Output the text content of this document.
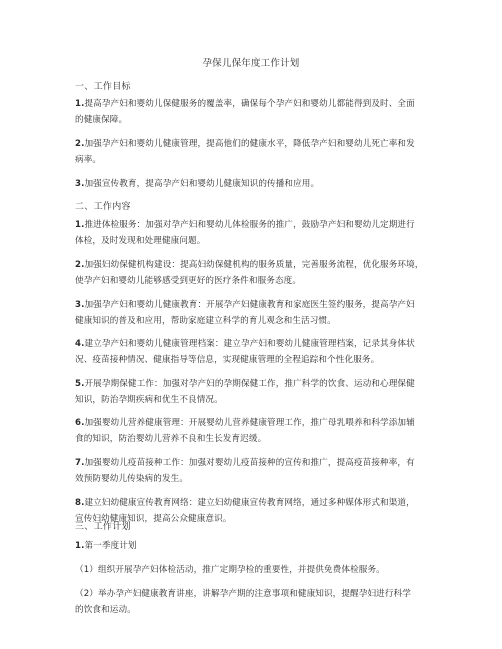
孕保儿保年度工作计划
一、工作目标
1.提高孕产妇和婴幼儿保健服务的覆盖率，确保每个孕产妇和婴幼儿都能得到及时、全面
的健康保障。
2.加强孕产妇和婴幼儿健康管理，提高他们的健康水平，降低孕产妇和婴幼儿死亡率和发
病率。
3.加强宣传教育，提高孕产妇和婴幼儿健康知识的传播和应用。
二、工作内容
1.推进体检服务：加强对孕产妇和婴幼儿体检服务的推广，鼓励孕产妇和婴幼儿定期进行
体检，及时发现和处理健康问题。
2.加强妇幼保健机构建设：提高妇幼保健机构的服务质量，完善服务流程，优化服务环境，
使孕产妇和婴幼儿能够感受到更好的医疗条件和服务态度。
3.加强孕产妇和婴幼儿健康教育：开展孕产妇健康教育和家庭医生签约服务，提高孕产妇
健康知识的普及和应用，帮助家庭建立科学的育儿观念和生活习惯。
4.建立孕产妇和婴幼儿健康管理档案：建立孕产妇和婴幼儿健康管理档案，记录其身体状
况、疫苗接种情况、健康指导等信息，实现健康管理的全程追踪和个性化服务。
5.开展孕期保健工作：加强对孕产妇的孕期保健工作，推广科学的饮食、运动和心理保健
知识，防治孕期疾病和优生不良情况。
6.加强婴幼儿营养健康管理：开展婴幼儿营养健康管理工作，推广母乳喂养和科学添加辅
食的知识，防治婴幼儿营养不良和生长发育迟缓。
7.加强婴幼儿疫苗接种工作：加强对婴幼儿疫苗接种的宣传和推广，提高疫苗接种率，有
效预防婴幼儿传染病的发生。
8.建立妇幼健康宣传教育网络：建立妇幼健康宣传教育网络，通过多种媒体形式和渠道，
宣传妇幼健康知识，提高公众健康意识。
三、工作计划
1.第一季度计划
（1）组织开展孕产妇体检活动，推广定期孕检的重要性，并提供免费体检服务。
（2）举办孕产妇健康教育讲座，讲解孕产期的注意事项和健康知识，提醒孕妇进行科学
的饮食和运动。
